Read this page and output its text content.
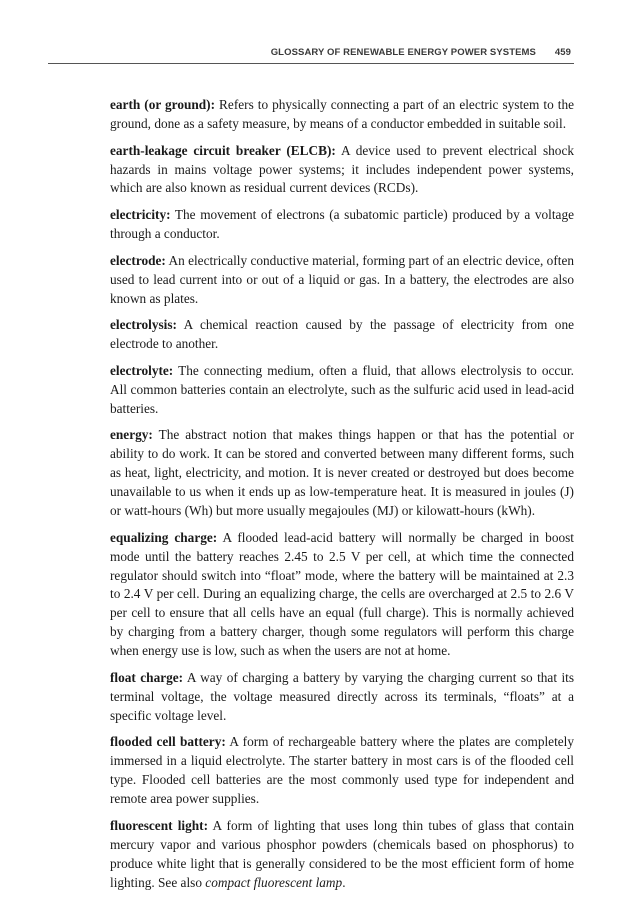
GLOSSARY OF RENEWABLE ENERGY POWER SYSTEMS 459

earth (or ground): Refers to physically connecting a part of an electric system to the ground, done as a safety measure, by means of a conductor embedded in suitable soil.

earth-leakage circuit breaker (ELCB): A device used to prevent electrical shock hazards in mains voltage power systems; it includes independent power systems, which are also known as residual current devices (RCDs).

electricity: The movement of electrons (a subatomic particle) produced by a voltage through a conductor.

electrode: An electrically conductive material, forming part of an electric device, often used to lead current into or out of a liquid or gas. In a battery, the electrodes are also known as plates.

electrolysis: A chemical reaction caused by the passage of electricity from one electrode to another.

electrolyte: The connecting medium, often a fluid, that allows electrolysis to occur. All common batteries contain an electrolyte, such as the sulfuric acid used in lead-acid batteries.

energy: The abstract notion that makes things happen or that has the potential or ability to do work. It can be stored and converted between many different forms, such as heat, light, electricity, and motion. It is never created or destroyed but does become unavailable to us when it ends up as low-temperature heat. It is measured in joules (J) or watt-hours (Wh) but more usually megajoules (MJ) or kilowatt-hours (kWh).

equalizing charge: A flooded lead-acid battery will normally be charged in boost mode until the battery reaches 2.45 to 2.5 V per cell, at which time the connected regulator should switch into “float” mode, where the battery will be maintained at 2.3 to 2.4 V per cell. During an equalizing charge, the cells are overcharged at 2.5 to 2.6 V per cell to ensure that all cells have an equal (full charge). This is normally achieved by charging from a battery charger, though some regulators will perform this charge when energy use is low, such as when the users are not at home.

float charge: A way of charging a battery by varying the charging current so that its terminal voltage, the voltage measured directly across its terminals, “floats” at a specific voltage level.

flooded cell battery: A form of rechargeable battery where the plates are completely immersed in a liquid electrolyte. The starter battery in most cars is of the flooded cell type. Flooded cell batteries are the most commonly used type for independent and remote area power supplies.

fluorescent light: A form of lighting that uses long thin tubes of glass that contain mercury vapor and various phosphor powders (chemicals based on phosphorus) to produce white light that is generally considered to be the most efficient form of home lighting. See also compact fluorescent lamp.
